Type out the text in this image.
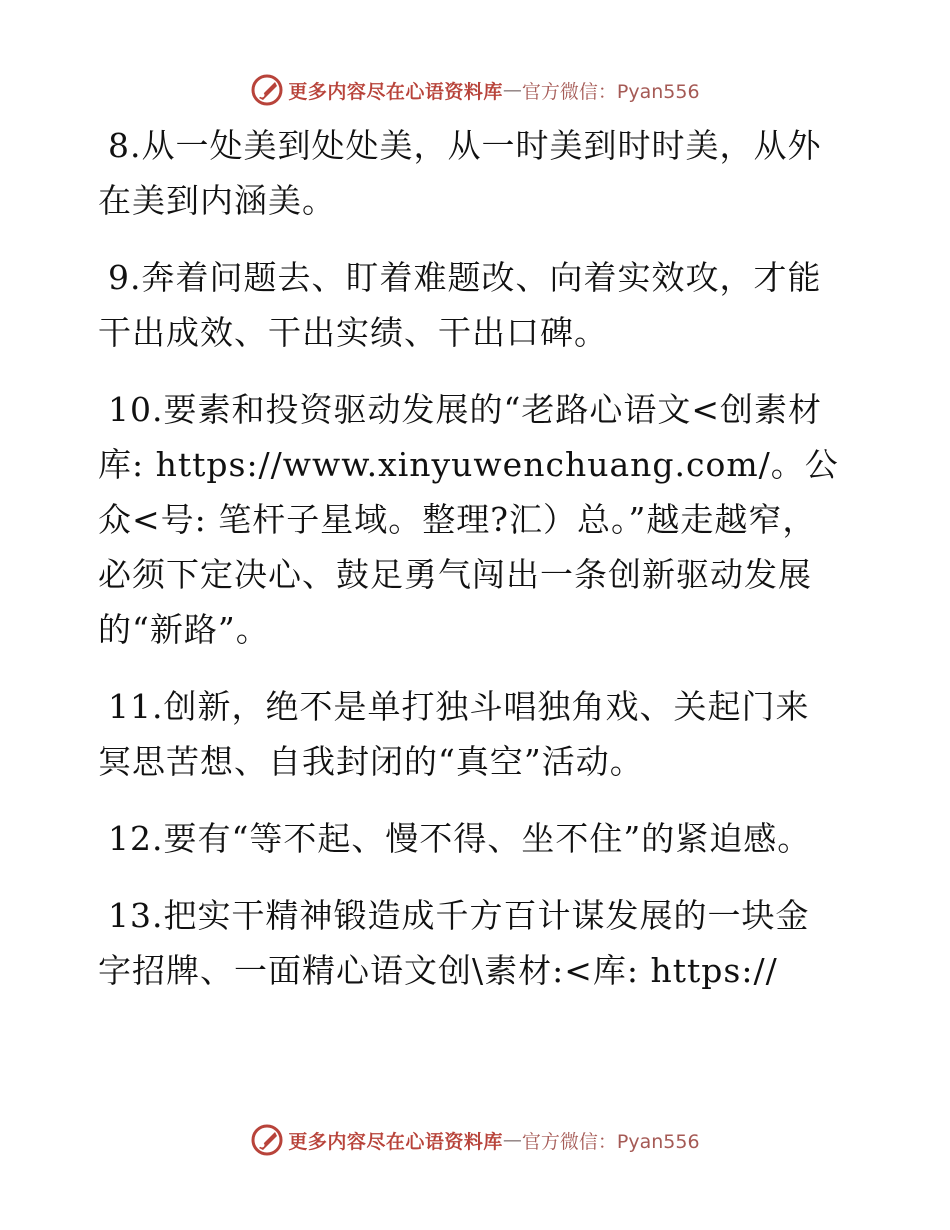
更多内容尽在心语资料库 — 官方微信：Pyan556

8.从一处美到处处美，从一时美到时时美，从外在美到内涵美。

9.奔着问题去、盯着难题改、向着实效攻，才能干出成效、干出实绩、干出口碑。

10.要素和投资驱动发展的“老路心语文<创素材库: https://www.xinyuwenchuang.com/。公众<号: 笔杆子星域。整理?汇）总。”越走越窄，必须下定决心、鼓足勇气闯出一条创新驱动发展的“新路”。

11.创新，绝不是单打独斗唱独角戏、关起门来冥思苦想、自我封闭的“真空”活动。

12.要有“等不起、慢不得、坐不住”的紧迫感。

13.把实干精神锻造成千方百计谋发展的一块金字招牌、一面精心语文创\素材:<库: https://

更多内容尽在心语资料库 — 官方微信：Pyan556
